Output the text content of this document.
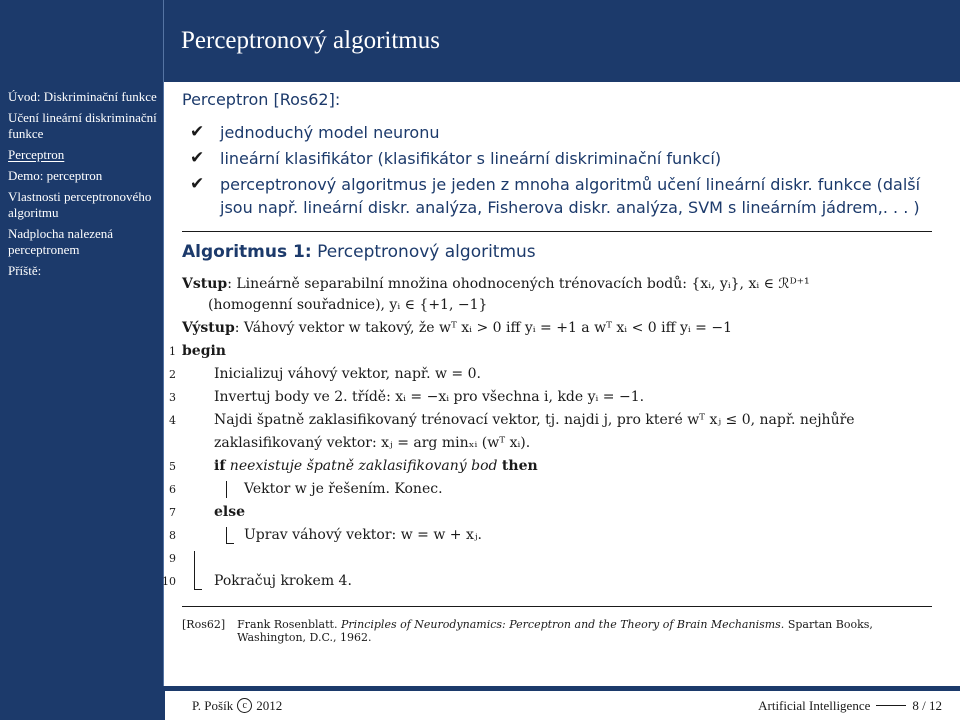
Perceptronový algoritmus
Úvod: Diskriminační funkce
Učení lineární diskriminační funkce
Perceptron
Demo: perceptron
Vlastnosti perceptronového algoritmu
Nadplocha nalezená perceptronem
Příště:

Perceptron [Ros62]:

✔ jednoduchý model neuronu
✔ lineární klasifikátor (klasifikátor s lineární diskriminační funkcí)
✔ perceptronový algoritmus je jeden z mnoha algoritmů učení lineární diskr. funkce (další jsou např. lineární diskr. analýza, Fisherova diskr. analýza, SVM s lineárním jádrem,. . . )
Algoritmus 1: Perceptronový algoritmus
Vstup: Lineárně separabilní množina ohodnocených trénovacích bodů: {xᵢ, yᵢ}, xᵢ ∈ ℛᴰ⁺¹
(homogenní souřadnice), yᵢ ∈ {+1, −1}
Výstup: Váhový vektor w takový, že wᵀ xᵢ > 0 iff yᵢ = +1 a wᵀ xᵢ < 0 iff yᵢ = −1
1 begin
2	Inicializuj váhový vektor, např. w = 0.
3	Invertuj body ve 2. třídě: xᵢ = −xᵢ pro všechna i, kde yᵢ = −1.
4	Najdi špatně zaklasifikovaný trénovací vektor, tj. najdi j, pro které wᵀ xⱼ ≤ 0, např. nejhůře
zaklasifikovaný vektor: xⱼ = arg minₓᵢ (wᵀ xᵢ).
5	if neexistuje špatně zaklasifikovaný bod then
6	Vektor w je řešením. Konec.
7	else
8	Uprav váhový vektor: w = w + xⱼ.
9

10	Pokračuj krokem 4.
[Ros62] Frank Rosenblatt. Principles of Neurodynamics: Perceptron and the Theory of Brain Mechanisms. Spartan Books, Washington, D.C., 1962.
P. Pošík c 2012	Artificial Intelligence	8 / 12
